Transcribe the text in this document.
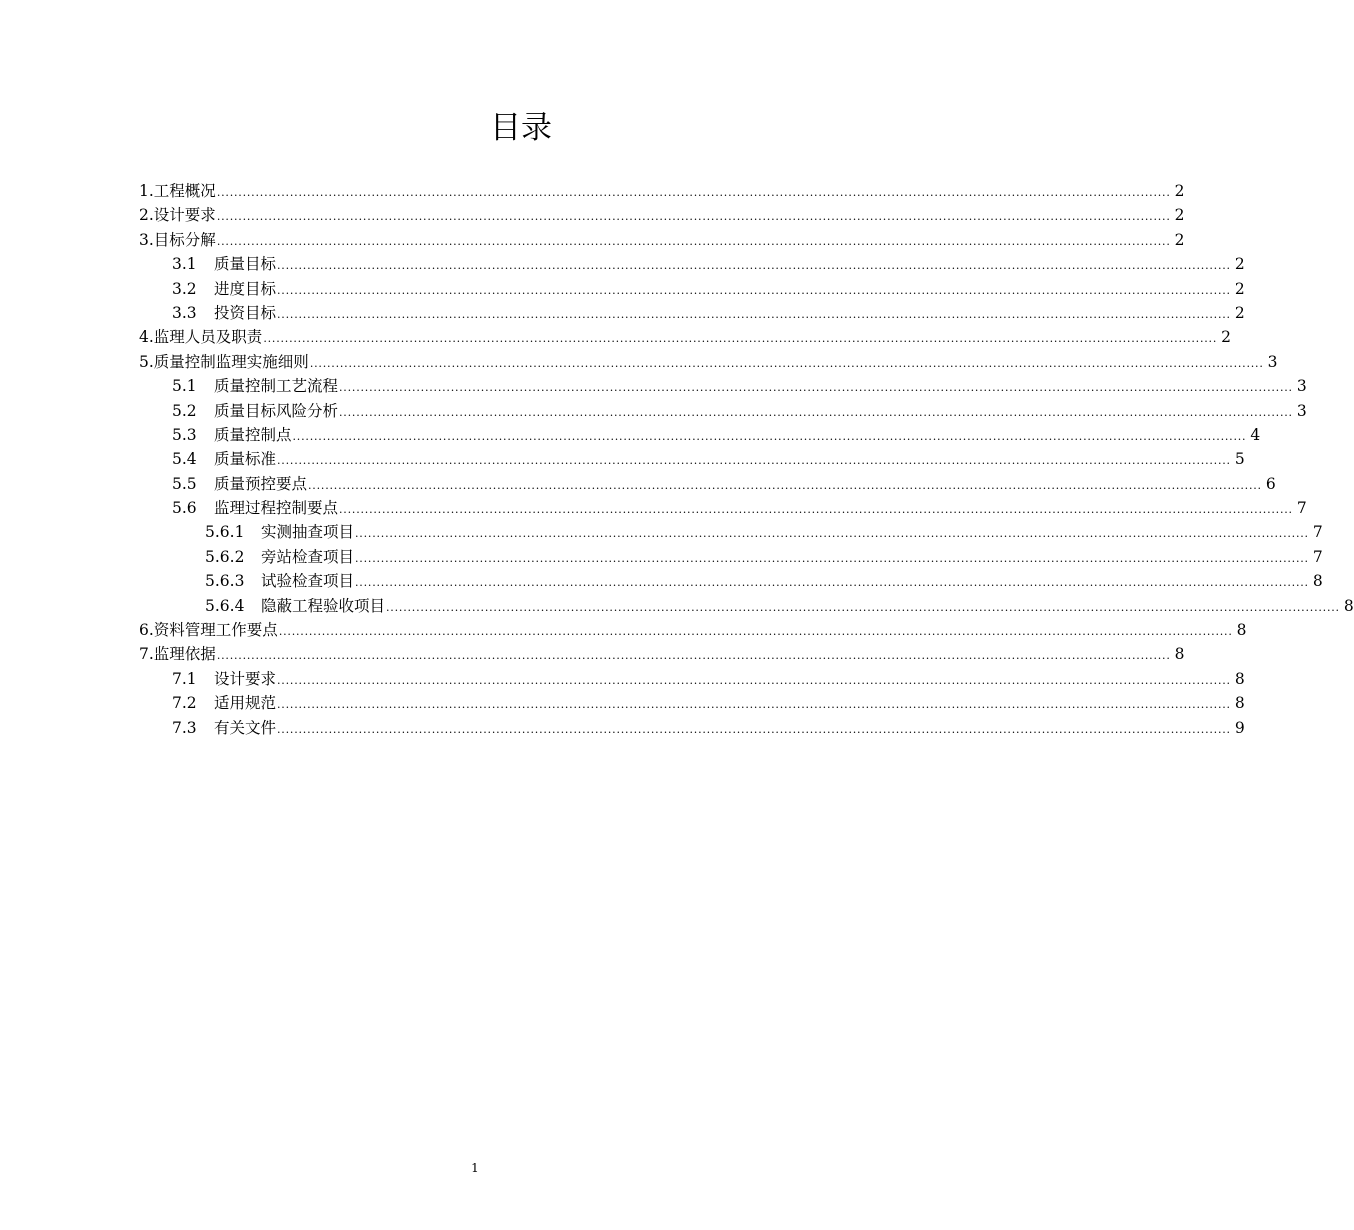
目录
1. 工程概况 .............................................................................................................................................................................................................................. 2
2. 设计要求 .............................................................................................................................................................................................................................. 2
3. 目标分解 .............................................................................................................................................................................................................................. 2
3.1	质量目标 .............................................................................................................................................................................................................................. 2
3.2	进度目标 .............................................................................................................................................................................................................................. 2
3.3	投资目标 .............................................................................................................................................................................................................................. 2
4. 监理人员及职责 .............................................................................................................................................................................................................................. 2
5. 质量控制监理实施细则 .............................................................................................................................................................................................................................. 3
5.1	质量控制工艺流程 .............................................................................................................................................................................................................................. 3
5.2	质量目标风险分析 .............................................................................................................................................................................................................................. 3
5.3	质量控制点 .............................................................................................................................................................................................................................. 4
5.4	质量标准 .............................................................................................................................................................................................................................. 5
5.5	质量预控要点 .............................................................................................................................................................................................................................. 6
5.6	监理过程控制要点 .............................................................................................................................................................................................................................. 7
5.6.1	实测抽查项目 .............................................................................................................................................................................................................................. 7
5.6.2	旁站检查项目 .............................................................................................................................................................................................................................. 7
5.6.3	试验检查项目 .............................................................................................................................................................................................................................. 8
5.6.4	隐蔽工程验收项目 .............................................................................................................................................................................................................................. 8
6. 资料管理工作要点 .............................................................................................................................................................................................................................. 8
7. 监理依据 .............................................................................................................................................................................................................................. 8
7.1	设计要求 .............................................................................................................................................................................................................................. 8
7.2	适用规范 .............................................................................................................................................................................................................................. 8
7.3	有关文件 .............................................................................................................................................................................................................................. 9
1
